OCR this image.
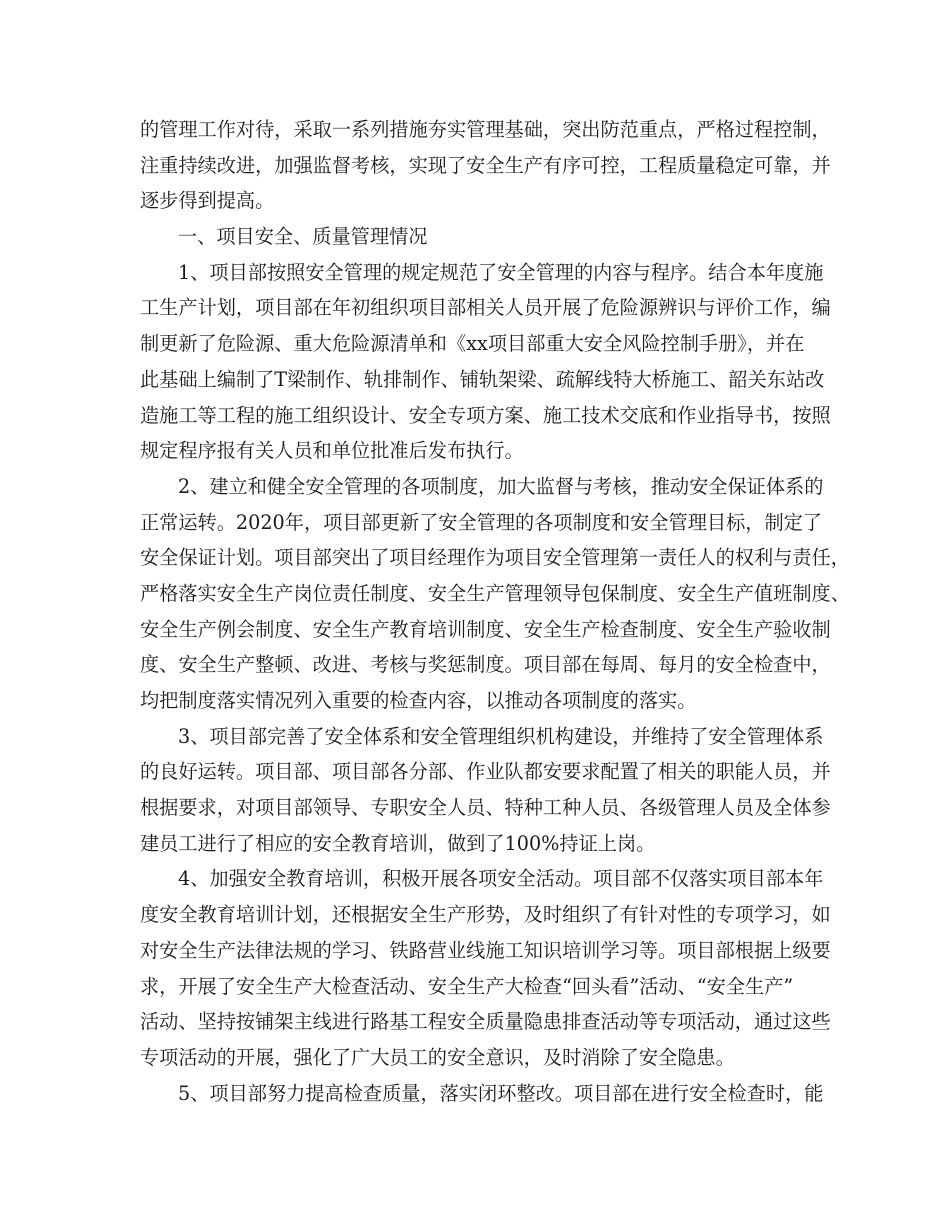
的管理工作对待，采取一系列措施夯实管理基础，突出防范重点，严格过程控制，
注重持续改进，加强监督考核，实现了安全生产有序可控，工程质量稳定可靠，并
逐步得到提高。
一、项目安全、质量管理情况
1、项目部按照安全管理的规定规范了安全管理的内容与程序。结合本年度施
工生产计划，项目部在年初组织项目部相关人员开展了危险源辨识与评价工作，编
制更新了危险源、重大危险源清单和《xx项目部重大安全风险控制手册》，并在
此基础上编制了T梁制作、轨排制作、铺轨架梁、疏解线特大桥施工、韶关东站改
造施工等工程的施工组织设计、安全专项方案、施工技术交底和作业指导书，按照
规定程序报有关人员和单位批准后发布执行。
2、建立和健全安全管理的各项制度，加大监督与考核，推动安全保证体系的
正常运转。2020年，项目部更新了安全管理的各项制度和安全管理目标，制定了
安全保证计划。项目部突出了项目经理作为项目安全管理第一责任人的权利与责任，
严格落实安全生产岗位责任制度、安全生产管理领导包保制度、安全生产值班制度、
安全生产例会制度、安全生产教育培训制度、安全生产检查制度、安全生产验收制
度、安全生产整顿、改进、考核与奖惩制度。项目部在每周、每月的安全检查中，
均把制度落实情况列入重要的检查内容，以推动各项制度的落实。
3、项目部完善了安全体系和安全管理组织机构建设，并维持了安全管理体系
的良好运转。项目部、项目部各分部、作业队都安要求配置了相关的职能人员，并
根据要求，对项目部领导、专职安全人员、特种工种人员、各级管理人员及全体参
建员工进行了相应的安全教育培训，做到了100%持证上岗。
4、加强安全教育培训，积极开展各项安全活动。项目部不仅落实项目部本年
度安全教育培训计划，还根据安全生产形势，及时组织了有针对性的专项学习，如
对安全生产法律法规的学习、铁路营业线施工知识培训学习等。项目部根据上级要
求，开展了安全生产大检查活动、安全生产大检查“回头看”活动、“安全生产”
活动、坚持按铺架主线进行路基工程安全质量隐患排查活动等专项活动，通过这些
专项活动的开展，强化了广大员工的安全意识，及时消除了安全隐患。
5、项目部努力提高检查质量，落实闭环整改。项目部在进行安全检查时，能
